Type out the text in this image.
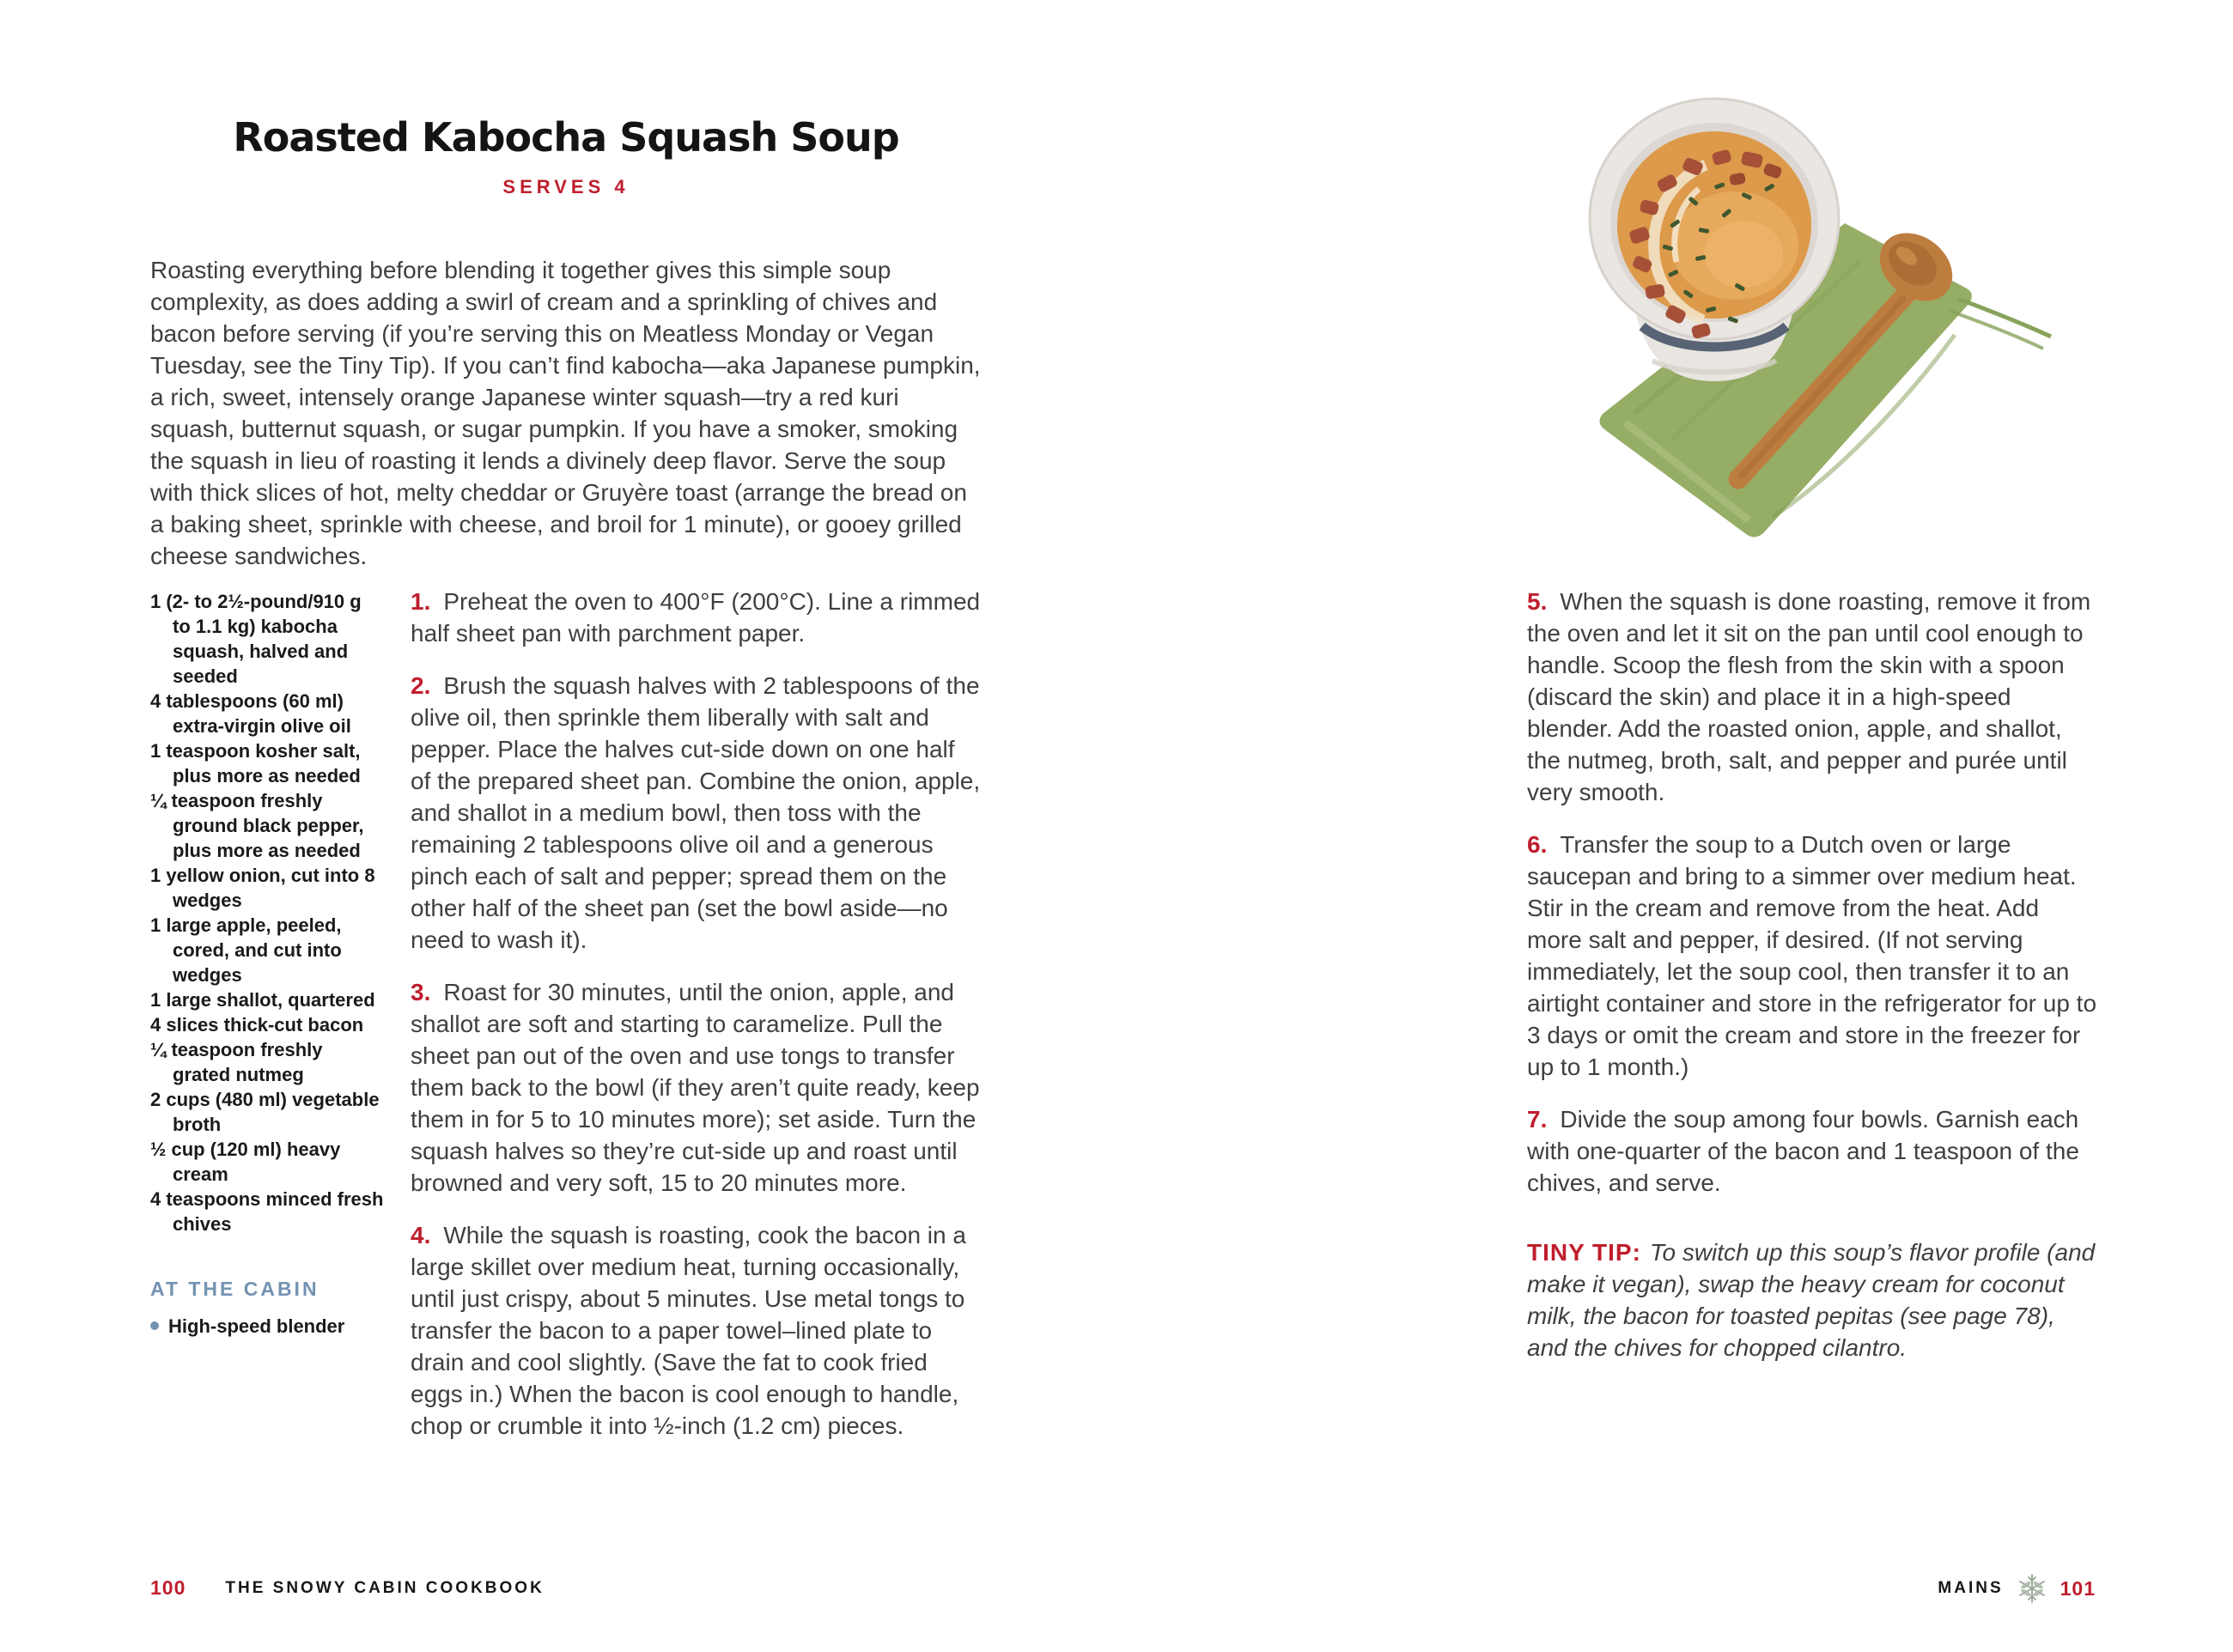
Roasted Kabocha Squash Soup
SERVES 4

Roasting everything before blending it together gives this simple soup complexity, as does adding a swirl of cream and a sprinkling of chives and bacon before serving (if you’re serving this on Meatless Monday or Vegan Tuesday, see the Tiny Tip). If you can’t find kabocha—aka Japanese pumpkin, a rich, sweet, intensely orange Japanese winter squash—try a red kuri squash, butternut squash, or sugar pumpkin. If you have a smoker, smoking the squash in lieu of roasting it lends a divinely deep flavor. Serve the soup with thick slices of hot, melty cheddar or Gruyère toast (arrange the bread on a baking sheet, sprinkle with cheese, and broil for 1 minute), or gooey grilled cheese sandwiches.

1 (2- to 2½-pound/910 g to 1.1 kg) kabocha squash, halved and seeded

4 tablespoons (60 ml) extra-virgin olive oil

1 teaspoon kosher salt, plus more as needed

¼ teaspoon freshly ground black pepper, plus more as needed

1 yellow onion, cut into 8 wedges

1 large apple, peeled, cored, and cut into wedges

1 large shallot, quartered

4 slices thick-cut bacon

¼ teaspoon freshly grated nutmeg

2 cups (480 ml) vegetable broth

½ cup (120 ml) heavy cream

4 teaspoons minced fresh chives

AT THE CABIN
High-speed blender

1. Preheat the oven to 400°F (200°C). Line a rimmed half sheet pan with parchment paper.

2. Brush the squash halves with 2 tablespoons of the olive oil, then sprinkle them liberally with salt and pepper. Place the halves cut-side down on one half of the prepared sheet pan. Combine the onion, apple, and shallot in a medium bowl, then toss with the remaining 2 tablespoons olive oil and a generous pinch each of salt and pepper; spread them on the other half of the sheet pan (set the bowl aside—no need to wash it).

3. Roast for 30 minutes, until the onion, apple, and shallot are soft and starting to caramelize. Pull the sheet pan out of the oven and use tongs to transfer them back to the bowl (if they aren’t quite ready, keep them in for 5 to 10 minutes more); set aside. Turn the squash halves so they’re cut-side up and roast until browned and very soft, 15 to 20 minutes more.

4. While the squash is roasting, cook the bacon in a large skillet over medium heat, turning occasionally, until just crispy, about 5 minutes. Use metal tongs to transfer the bacon to a paper towel–lined plate to drain and cool slightly. (Save the fat to cook fried eggs in.) When the bacon is cool enough to handle, chop or crumble it into ½-inch (1.2 cm) pieces.

100 THE SNOWY CABIN COOKBOOK

5. When the squash is done roasting, remove it from the oven and let it sit on the pan until cool enough to handle. Scoop the flesh from the skin with a spoon (discard the skin) and place it in a high-speed blender. Add the roasted onion, apple, and shallot, the nutmeg, broth, salt, and pepper and purée until very smooth.

6. Transfer the soup to a Dutch oven or large saucepan and bring to a simmer over medium heat. Stir in the cream and remove from the heat. Add more salt and pepper, if desired. (If not serving immediately, let the soup cool, then transfer it to an airtight container and store in the refrigerator for up to 3 days or omit the cream and store in the freezer for up to 1 month.)

7. Divide the soup among four bowls. Garnish each with one-quarter of the bacon and 1 teaspoon of the chives, and serve.

TINY TIP: To switch up this soup’s flavor profile (and make it vegan), swap the heavy cream for coconut milk, the bacon for toasted pepitas (see page 78), and the chives for chopped cilantro.

MAINS	101
